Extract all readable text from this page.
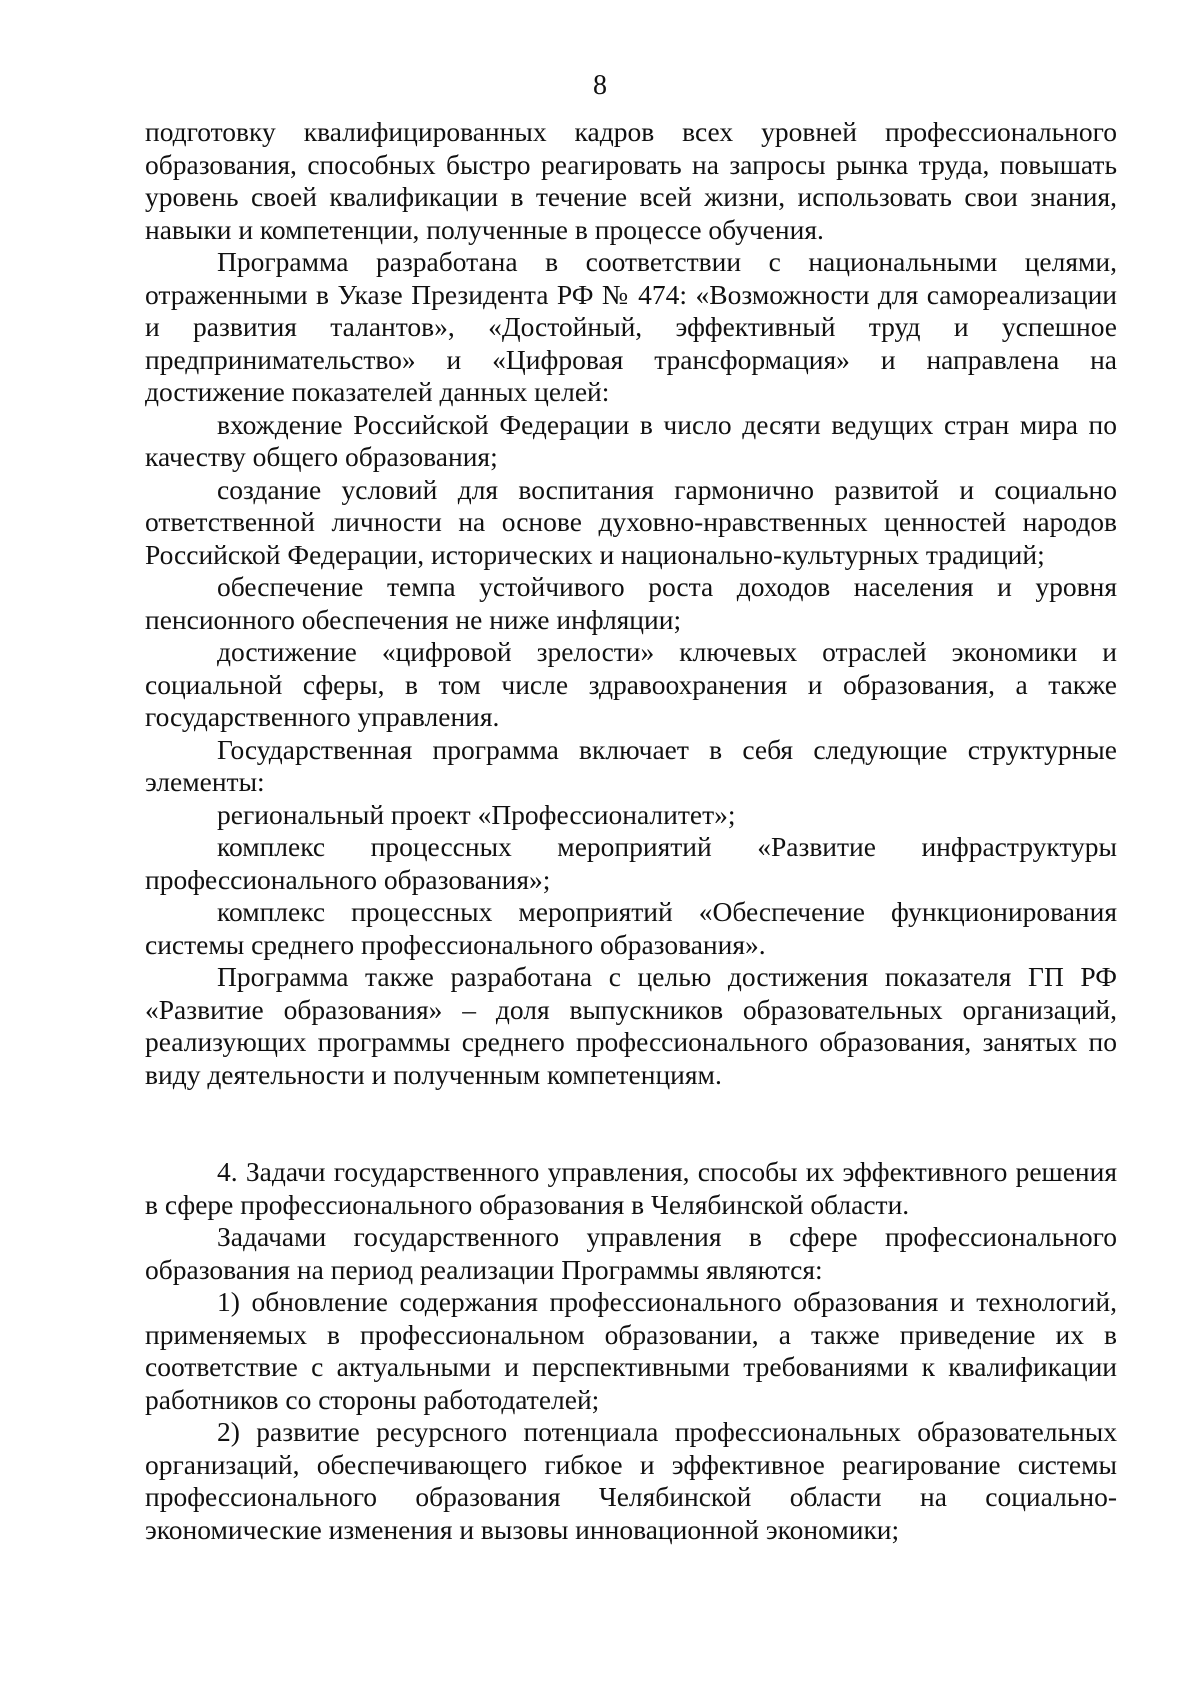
8

подготовку квалифицированных кадров всех уровней профессионального образования, способных быстро реагировать на запросы рынка труда, повышать уровень своей квалификации в течение всей жизни, использовать свои знания, навыки и компетенции, полученные в процессе обучения.

Программа разработана в соответствии с национальными целями, отраженными в Указе Президента РФ № 474: «Возможности для самореализации и развития талантов», «Достойный, эффективный труд и успешное предпринимательство» и «Цифровая трансформация» и направлена на достижение показателей данных целей:

вхождение Российской Федерации в число десяти ведущих стран мира по качеству общего образования;

создание условий для воспитания гармонично развитой и социально ответственной личности на основе духовно-нравственных ценностей народов Российской Федерации, исторических и национально-культурных традиций;

обеспечение темпа устойчивого роста доходов населения и уровня пенсионного обеспечения не ниже инфляции;

достижение «цифровой зрелости» ключевых отраслей экономики и социальной сферы, в том числе здравоохранения и образования, а также государственного управления.

Государственная программа включает в себя следующие структурные элементы:

региональный проект «Профессионалитет»;

комплекс процессных мероприятий «Развитие инфраструктуры профессионального образования»;

комплекс процессных мероприятий «Обеспечение функционирования системы среднего профессионального образования».

Программа также разработана с целью достижения показателя ГП РФ «Развитие образования» – доля выпускников образовательных организаций, реализующих программы среднего профессионального образования, занятых по виду деятельности и полученным компетенциям.

4. Задачи государственного управления, способы их эффективного решения в сфере профессионального образования в Челябинской области.

Задачами государственного управления в сфере профессионального образования на период реализации Программы являются:

1) обновление содержания профессионального образования и технологий, применяемых в профессиональном образовании, а также приведение их в соответствие с актуальными и перспективными требованиями к квалификации работников со стороны работодателей;

2) развитие ресурсного потенциала профессиональных образовательных организаций, обеспечивающего гибкое и эффективное реагирование системы профессионального образования Челябинской области на социально-экономические изменения и вызовы инновационной экономики;
